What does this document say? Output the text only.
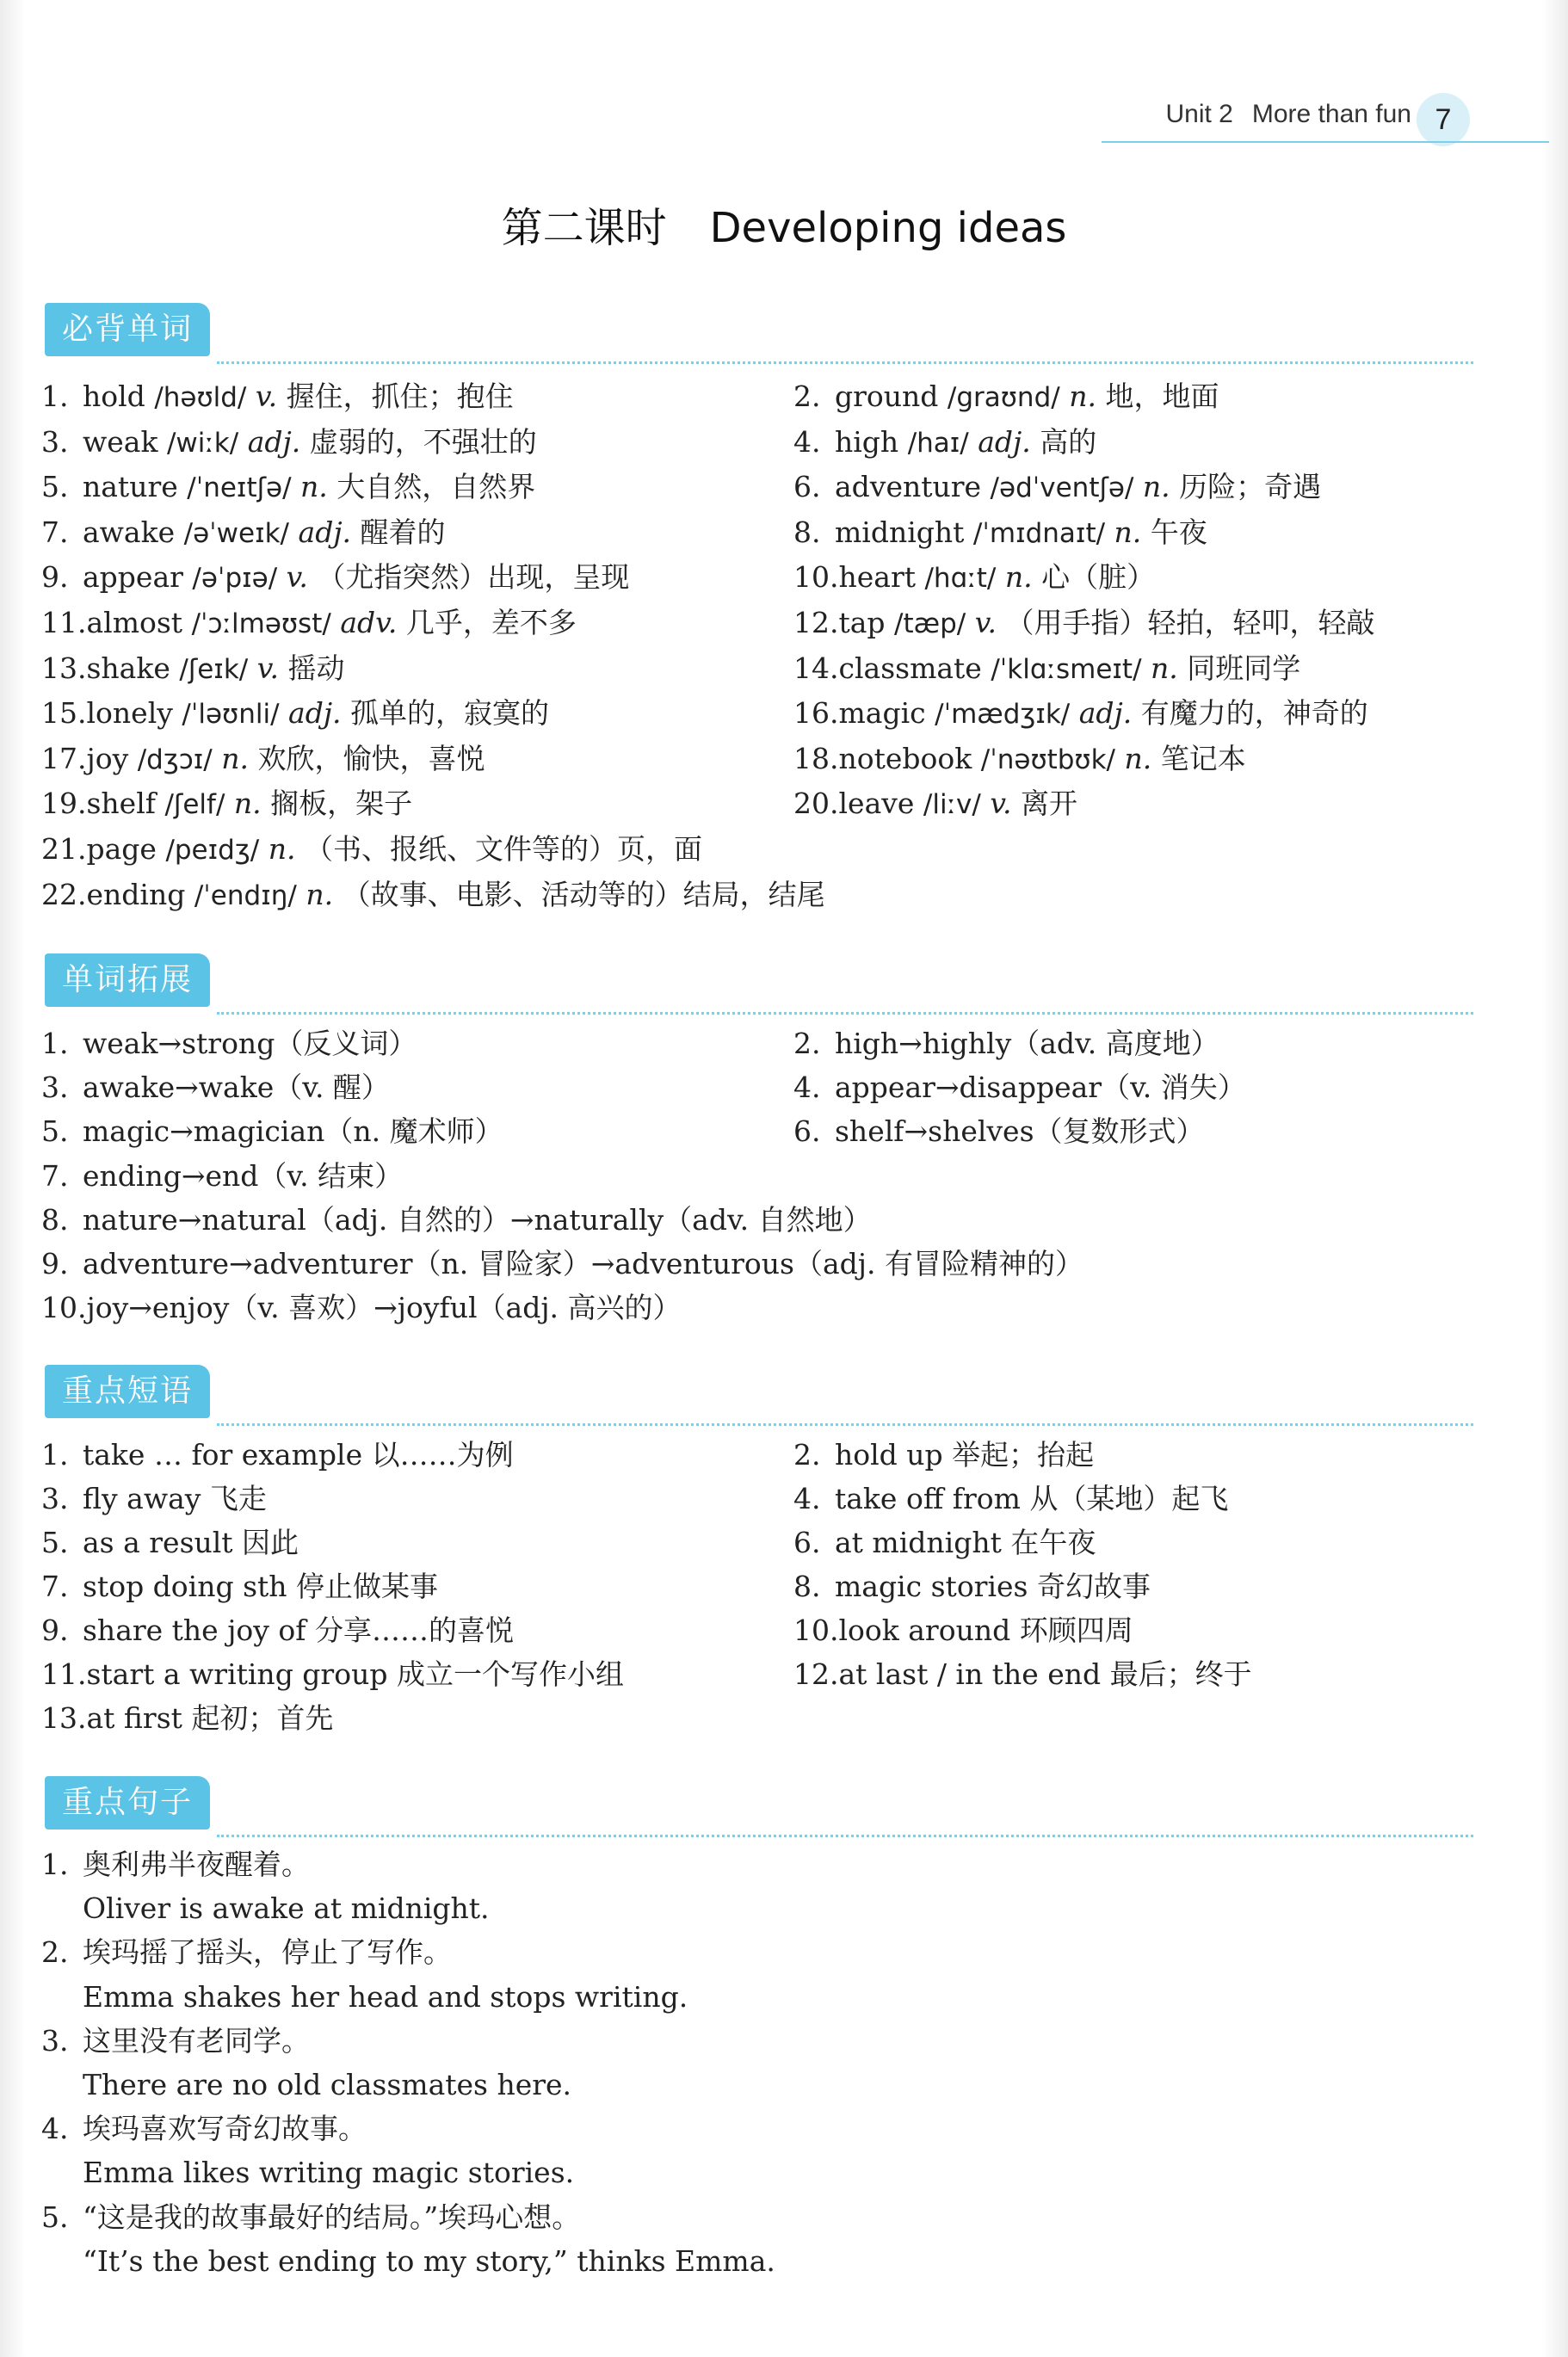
Unit 2 More than fun 7
第二课时 Developing ideas
必背单词
1. hold /həʊld/ v. 握住，抓住；抱住	2. ground /graʊnd/ n. 地，地面
3. weak /wiːk/ adj. 虚弱的，不强壮的	4. high /haɪ/ adj. 高的
5. nature /ˈneɪtʃə/ n. 大自然，自然界	6. adventure /ədˈventʃə/ n. 历险；奇遇
7. awake /əˈweɪk/ adj. 醒着的	8. midnight /ˈmɪdnaɪt/ n. 午夜
9. appear /əˈpɪə/ v. （尤指突然）出现，呈现	10.heart /hɑːt/ n. 心（脏）
11.almost /ˈɔːlməʊst/ adv. 几乎，差不多	12.tap /tæp/ v. （用手指）轻拍，轻叩，轻敲
13.shake /ʃeɪk/ v. 摇动	14.classmate /ˈklɑːsmeɪt/ n. 同班同学
15.lonely /ˈləʊnli/ adj. 孤单的，寂寞的	16.magic /ˈmædʒɪk/ adj. 有魔力的，神奇的
17.joy /dʒɔɪ/ n. 欢欣，愉快，喜悦	18.notebook /ˈnəʊtbʊk/ n. 笔记本
19.shelf /ʃelf/ n. 搁板，架子	20.leave /liːv/ v. 离开
21.page /peɪdʒ/ n. （书、报纸、文件等的）页，面
22.ending /ˈendɪŋ/ n. （故事、电影、活动等的）结局，结尾
单词拓展
1. weak→strong（反义词）	2. high→highly（adv. 高度地）
3. awake→wake（v. 醒）	4. appear→disappear（v. 消失）
5. magic→magician（n. 魔术师）	6. shelf→shelves（复数形式）
7. ending→end（v. 结束）
8. nature→natural（adj. 自然的）→naturally（adv. 自然地）
9. adventure→adventurer（n. 冒险家）→adventurous（adj. 有冒险精神的）
10.joy→enjoy（v. 喜欢）→joyful（adj. 高兴的）
重点短语
1. take … for example 以……为例	2. hold up 举起；抬起
3. fly away 飞走	4. take off from 从（某地）起飞
5. as a result 因此	6. at midnight 在午夜
7. stop doing sth 停止做某事	8. magic stories 奇幻故事
9. share the joy of 分享……的喜悦	10.look around 环顾四周
11.start a writing group 成立一个写作小组	12.at last / in the end 最后；终于
13.at first 起初；首先
重点句子
1. 奥利弗半夜醒着。
Oliver is awake at midnight.
2. 埃玛摇了摇头，停止了写作。
Emma shakes her head and stops writing.
3. 这里没有老同学。
There are no old classmates here.
4. 埃玛喜欢写奇幻故事。
Emma likes writing magic stories.
5. “这是我的故事最好的结局。”埃玛心想。
“It’s the best ending to my story,” thinks Emma.
